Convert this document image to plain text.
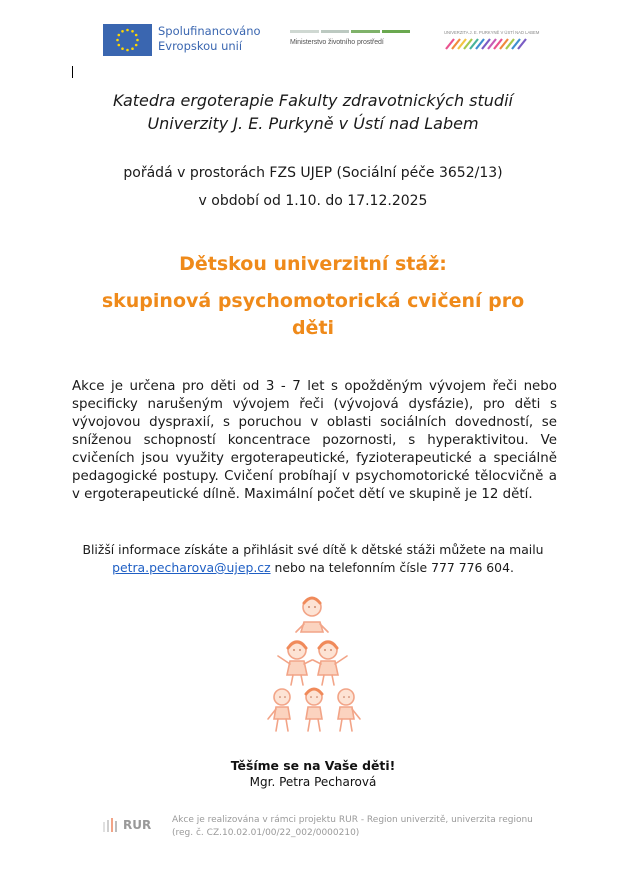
Spolufinancováno
Evropskou unií	Ministerstvo životního prostředí
UNIVERZITA J. E. PURKYNĚ V ÚSTÍ NAD LABEM
Katedra ergoterapie Fakulty zdravotnických studií
Univerzity J. E. Purkyně v Ústí nad Labem
pořádá v prostorách FZS UJEP (Sociální péče 3652/13)
v období od 1.10. do 17.12.2025
Dětskou univerzitní stáž:
skupinová psychomotorická cvičení pro
děti
Akce je určena pro děti od 3 - 7 let s opožděným vývojem řeči nebo specificky narušeným vývojem řeči (vývojová dysfázie), pro děti s vývojovou dyspraxií, s poruchou v oblasti sociálních dovedností, se sníženou schopností koncentrace pozornosti, s hyperaktivitou. Ve cvičeních jsou využity ergoterapeutické, fyzioterapeutické a speciálně pedagogické postupy. Cvičení probíhají v psychomotorické tělocvičně a v ergoterapeutické dílně. Maximální počet dětí ve skupině je 12 dětí.
Bližší informace získáte a přihlásit své dítě k dětské stáži můžete na mailu
petra.pecharova@ujep.cz nebo na telefonním čísle 777 776 604.
Těšíme se na Vaše děti!
Mgr. Petra Pecharová
RUR Akce je realizována v rámci projektu RUR - Region univerzitě, univerzita regionu
(reg. č. CZ.10.02.01/00/22_002/0000210)
